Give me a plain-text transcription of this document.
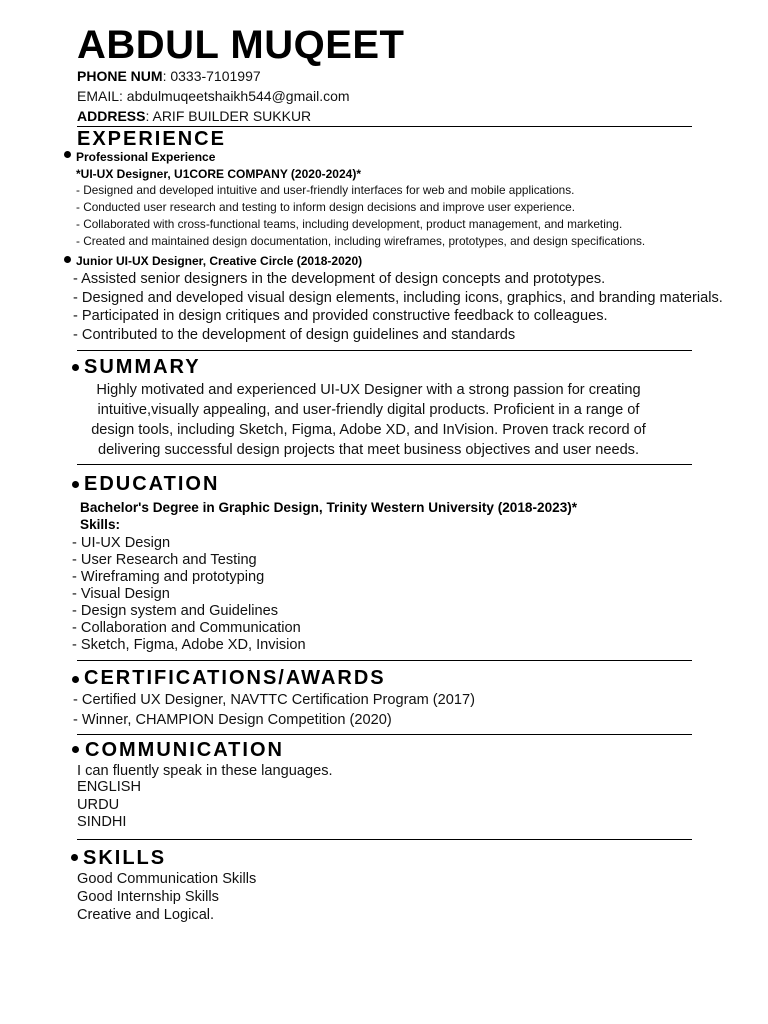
ABDUL MUQEET
PHONE NUM: 0333-7101997
EMAIL: abdulmuqeetshaikh544@gmail.com
ADDRESS: ARIF BUILDER SUKKUR
EXPERIENCE
Professional Experience
*UI-UX Designer, U1CORE COMPANY (2020-2024)*
- Designed and developed intuitive and user-friendly interfaces for web and mobile applications.
- Conducted user research and testing to inform design decisions and improve user experience.
- Collaborated with cross-functional teams, including development, product management, and marketing.
- Created and maintained design documentation, including wireframes, prototypes, and design specifications.
Junior UI-UX Designer, Creative Circle (2018-2020)
- Assisted senior designers in the development of design concepts and prototypes.
- Designed and developed visual design elements, including icons, graphics, and branding materials.
- Participated in design critiques and provided constructive feedback to colleagues.
- Contributed to the development of design guidelines and standards
SUMMARY
Highly motivated and experienced UI-UX Designer with a strong passion for creating intuitive,visually appealing, and user-friendly digital products. Proficient in a range of design tools, including Sketch, Figma, Adobe XD, and InVision. Proven track record of delivering successful design projects that meet business objectives and user needs.
EDUCATION
Bachelor's Degree in Graphic Design, Trinity Western University (2018-2023)*
Skills:
- UI-UX Design
- User Research and Testing
- Wireframing and prototyping
- Visual Design
- Design system and Guidelines
- Collaboration and Communication
- Sketch, Figma, Adobe XD, Invision
CERTIFICATIONS/AWARDS
- Certified UX Designer, NAVTTC Certification Program (2017)
- Winner, CHAMPION Design Competition (2020)
COMMUNICATION
I can fluently speak in these languages.
ENGLISH
URDU
SINDHI
SKILLS
Good Communication Skills
Good Internship Skills
Creative and Logical.
